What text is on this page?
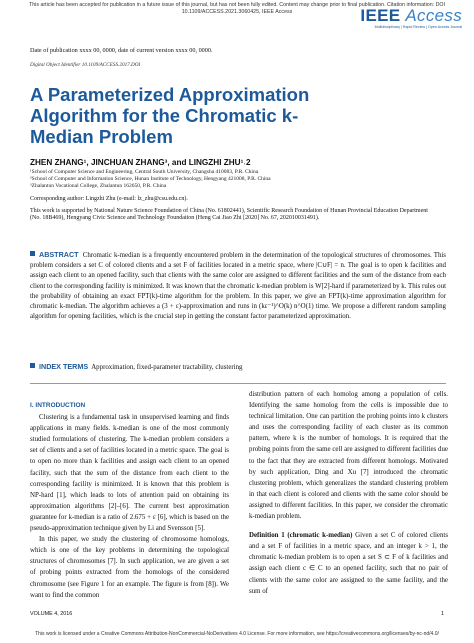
This article has been accepted for publication in a future issue of this journal, but has not been fully edited. Content may change prior to final publication. Citation information: DOI
10.1109/ACCESS.2021.3060425, IEEE Access	IEEE Access
Multidisciplinary | Rapid Review | Open Access Journal
Date of publication xxxx 00, 0000, date of current version xxxx 00, 0000.
Digital Object Identifier 10.1109/ACCESS.2017.DOI
A Parameterized Approximation Algorithm for the Chromatic k-Median Problem
ZHEN ZHANG¹, JINCHUAN ZHANG³, and LINGZHI ZHU¹˒2
¹School of Computer Science and Engineering, Central South University, Changsha 410083, P.R. China
²School of Computer and Information Science, Hunan Institute of Technology, Hengyang 421008, P.R. China
³Zhalantun Vocational College, Zhalantun 162650, P.R. China
Corresponding author: Lingzhi Zhu (e-mail: lz_zhu@csu.edu.cn).
This work is supported by National Nature Science Foundation of China (No. 61802441), Scientific Research Foundation of Hunan Provincial Education Department (No. 18B469), Hengyang Civic Science and Technology Foundation (Heng Cai Jiao Zhi [2020] No. 67, 202010031491).
ABSTRACT Chromatic k-median is a frequently encountered problem in the determination of the topological structures of chromosomes. This problem considers a set C of colored clients and a set F of facilities located in a metric space, where |C∪F| = n. The goal is to open k facilities and assign each client to an opened facility, such that clients with the same color are assigned to different facilities and the sum of the distance from each client to the corresponding facility is minimized. It was known that the chromatic k-median problem is W[2]-hard if parameterized by k. This rules out the probability of obtaining an exact FPT(k)-time algorithm for the problem. In this paper, we give an FPT(k)-time approximation algorithm for chromatic k-median. The algorithm achieves a (3 + ε)-approximation and runs in (kε⁻¹)^O(k) n^O(1) time. We propose a different random sampling algorithm for opening facilities, which is the crucial step in getting the constant factor parameterized approximation.
INDEX TERMS Approximation, fixed-parameter tractability, clustering
I. INTRODUCTION

Clustering is a fundamental task in unsupervised learning and finds applications in many fields. k-median is one of the most commonly studied formulations of clustering. The k-median problem considers a set of clients and a set of facilities located in a metric space. The goal is to open no more than k facilities and assign each client to an opened facility, such that the sum of the distance from each client to the corresponding facility is minimized. It is known that this problem is NP-hard [1], which leads to lots of attention paid on obtaining its approximation algorithms [2]–[6]. The current best approximation guarantee for k-median is a ratio of 2.675 + ε [6], which is based on the pseudo-approximation technique given by Li and Svensson [5].

In this paper, we study the clustering of chromosome homologs, which is one of the key problems in determining the topological structures of chromosomes [7]. In such application, we are given a set of probing points extracted from the homologs of the considered chromosome (see Figure 1 for an example. The figure is from [8]). We want to find the common

distribution pattern of each homolog among a population of cells. Identifying the same homolog from the cells is impossible due to technical limitation. One can partition the probing points into k clusters and uses the corresponding facility of each cluster as its common pattern, where k is the number of homologs. It is required that the probing points from the same cell are assigned to different facilities due to the fact that they are extracted from different homologs. Motivated by such application, Ding and Xu [7] introduced the chromatic clustering problem, which generalizes the standard clustering problem in that each client is colored and clients with the same color should be assigned to different facilities. In this paper, we consider the chromatic k-median problem.

Definition 1 (chromatic k-median) Given a set C of colored clients and a set F of facilities in a metric space, and an integer k > 1, the chromatic k-median problem is to open a set S ⊂ F of k facilities and assign each client c ∈ C to an opened facility, such that no pair of clients with the same color are assigned to the same facility, and the sum of

VOLUME 4, 2016	1
This work is licensed under a Creative Commons Attribution-NonCommercial-NoDerivatives 4.0 License. For more information, see https://creativecommons.org/licenses/by-nc-nd/4.0/
